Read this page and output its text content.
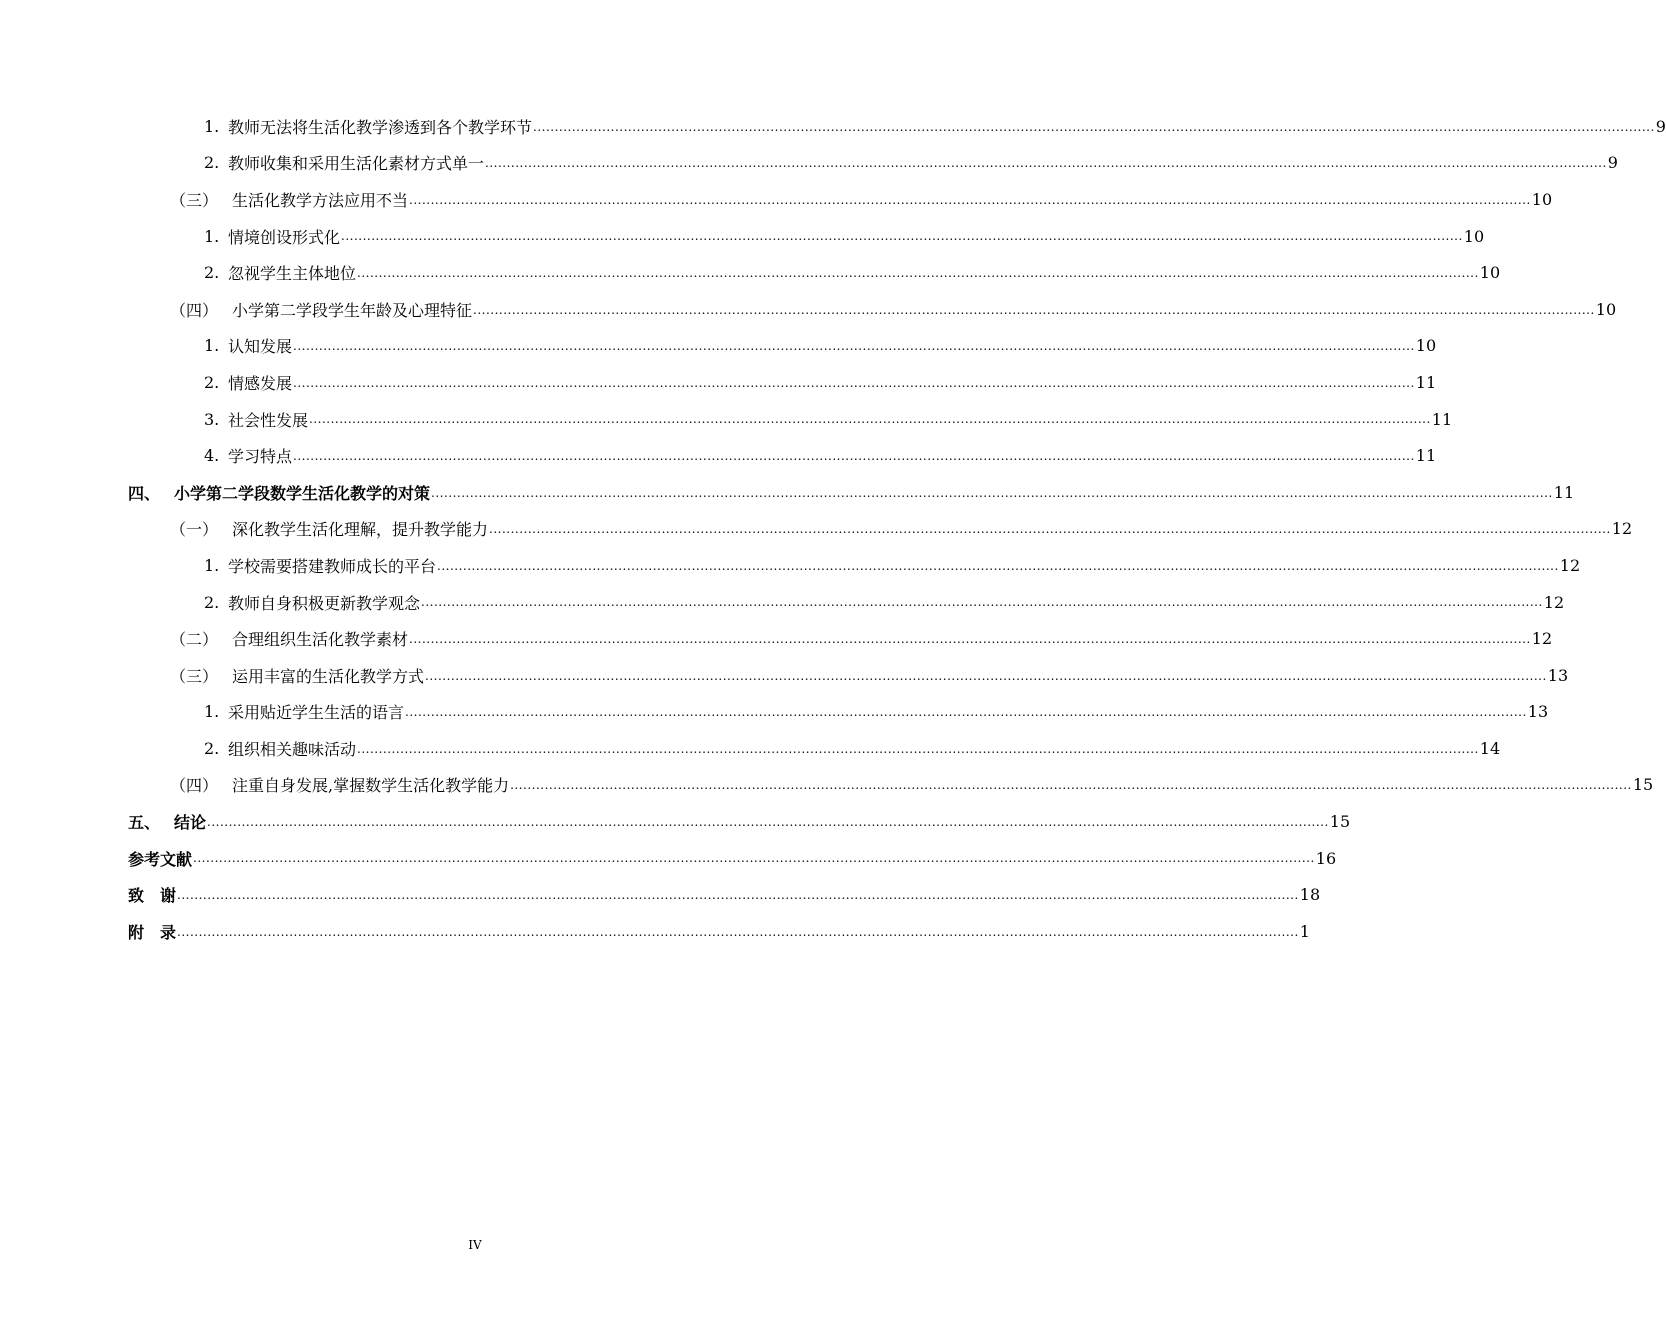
1. 教师无法将生活化教学渗透到各个教学环节 .................................................................................................................................................................................................................................................................... 9
2. 教师收集和采用生活化素材方式单一 .................................................................................................................................................................................................................................................................... 9
（三） 生活化教学方法应用不当 .................................................................................................................................................................................................................................................................... 10
1. 情境创设形式化 .................................................................................................................................................................................................................................................................... 10
2. 忽视学生主体地位 .................................................................................................................................................................................................................................................................... 10
（四） 小学第二学段学生年龄及心理特征 .................................................................................................................................................................................................................................................................... 10
1. 认知发展 .................................................................................................................................................................................................................................................................... 10
2. 情感发展 .................................................................................................................................................................................................................................................................... 11
3. 社会性发展 .................................................................................................................................................................................................................................................................... 11
4. 学习特点 .................................................................................................................................................................................................................................................................... 11
四、 小学第二学段数学生活化教学的对策 .................................................................................................................................................................................................................................................................... 11
（一） 深化教学生活化理解，提升教学能力 .................................................................................................................................................................................................................................................................... 12
1. 学校需要搭建教师成长的平台 .................................................................................................................................................................................................................................................................... 12
2. 教师自身积极更新教学观念 .................................................................................................................................................................................................................................................................... 12
（二） 合理组织生活化教学素材 .................................................................................................................................................................................................................................................................... 12
（三） 运用丰富的生活化教学方式 .................................................................................................................................................................................................................................................................... 13
1. 采用贴近学生生活的语言 .................................................................................................................................................................................................................................................................... 13
2. 组织相关趣味活动 .................................................................................................................................................................................................................................................................... 14
（四） 注重自身发展,掌握数学生活化教学能力 .................................................................................................................................................................................................................................................................... 15
五、 结论 .................................................................................................................................................................................................................................................................... 15
参考文献 .................................................................................................................................................................................................................................................................... 16
致　谢 .................................................................................................................................................................................................................................................................... 18
附　录 .................................................................................................................................................................................................................................................................... 1
IV
